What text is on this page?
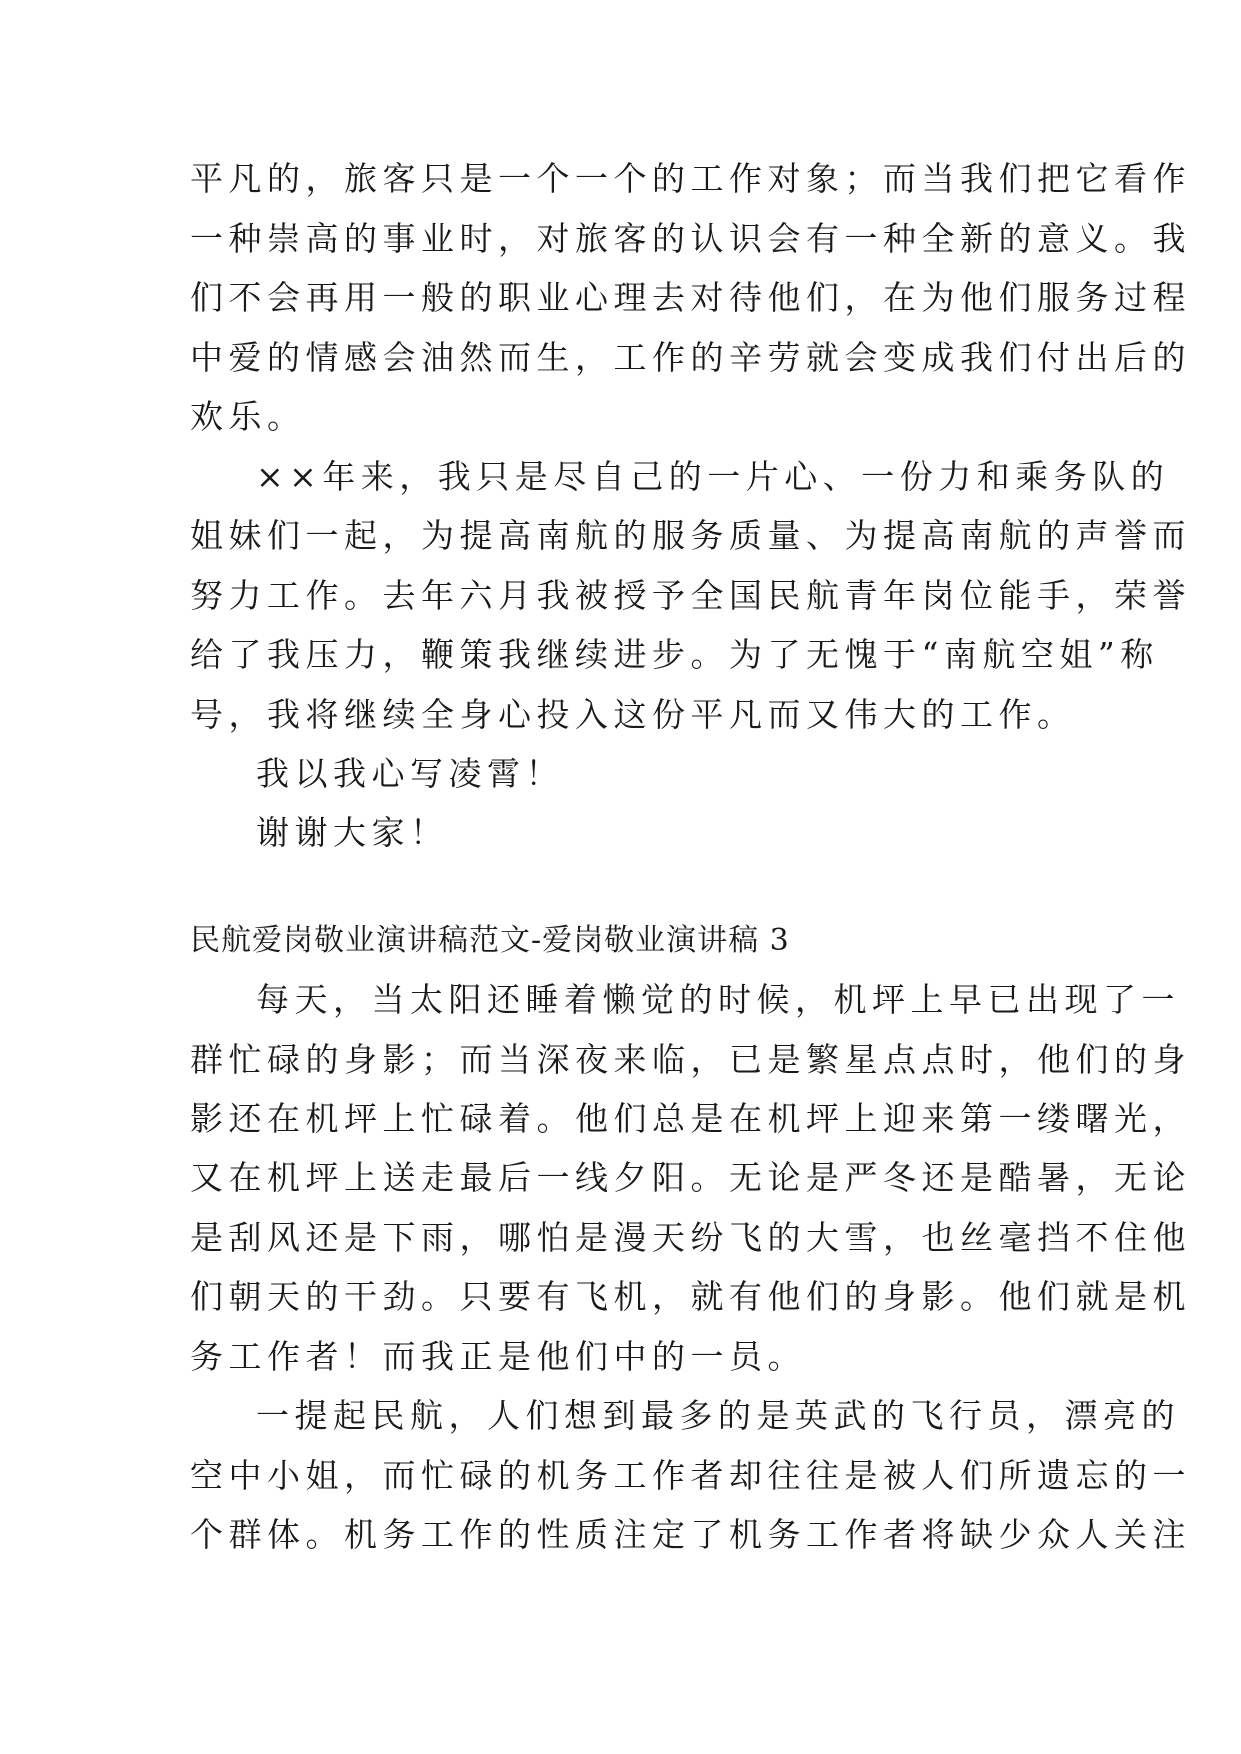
平凡的，旅客只是一个一个的工作对象；而当我们把它看作
一种崇高的事业时，对旅客的认识会有一种全新的意义。我
们不会再用一般的职业心理去对待他们，在为他们服务过程
中爱的情感会油然而生，工作的辛劳就会变成我们付出后的
欢乐。
××年来，我只是尽自己的一片心、一份力和乘务队的
姐妹们一起，为提高南航的服务质量、为提高南航的声誉而
努力工作。去年六月我被授予全国民航青年岗位能手，荣誉
给了我压力，鞭策我继续进步。为了无愧于“南航空姐”称
号，我将继续全身心投入这份平凡而又伟大的工作。
我以我心写凌霄！
谢谢大家！
民航爱岗敬业演讲稿范文-爱岗敬业演讲稿 3
每天，当太阳还睡着懒觉的时候，机坪上早已出现了一
群忙碌的身影；而当深夜来临，已是繁星点点时，他们的身
影还在机坪上忙碌着。他们总是在机坪上迎来第一缕曙光，
又在机坪上送走最后一线夕阳。无论是严冬还是酷暑，无论
是刮风还是下雨，哪怕是漫天纷飞的大雪，也丝毫挡不住他
们朝天的干劲。只要有飞机，就有他们的身影。他们就是机
务工作者！而我正是他们中的一员。
一提起民航，人们想到最多的是英武的飞行员，漂亮的
空中小姐，而忙碌的机务工作者却往往是被人们所遗忘的一
个群体。机务工作的性质注定了机务工作者将缺少众人关注
